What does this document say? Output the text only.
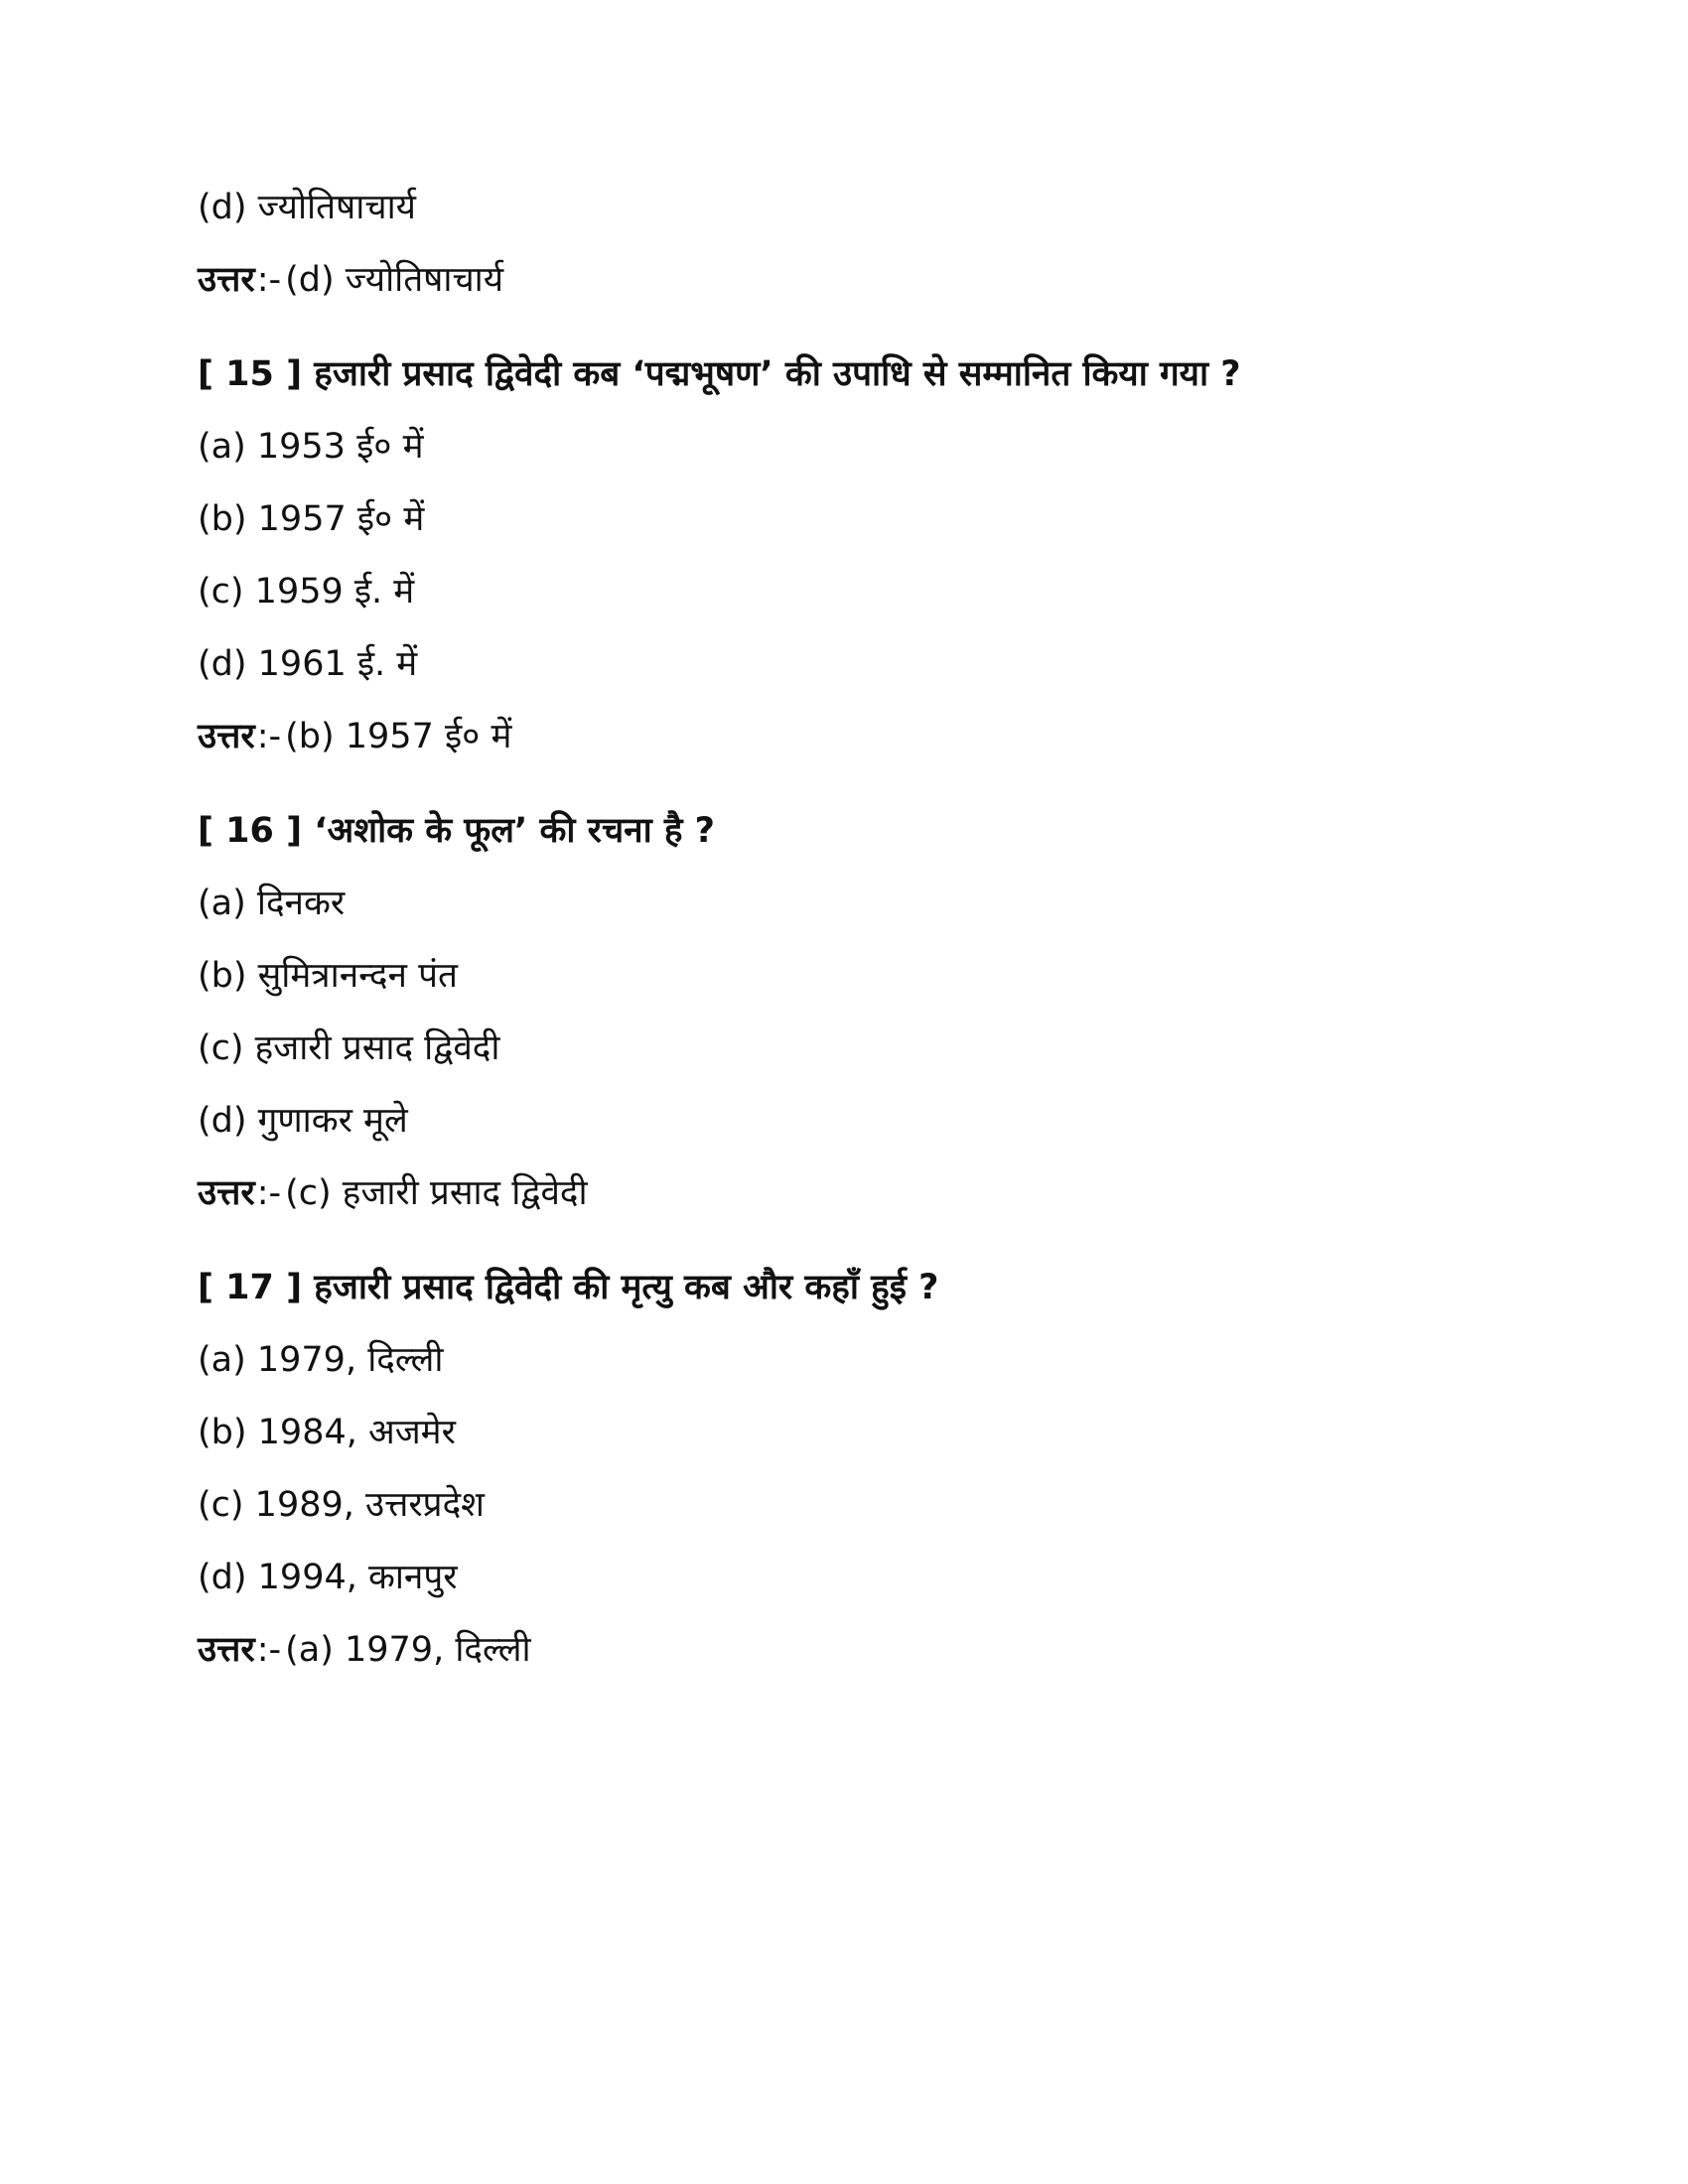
(d) ज्योतिषाचार्य
उत्तर:- (d) ज्योतिषाचार्य
[ 15 ] हजारी प्रसाद द्विवेदी कब ‘पद्मभूषण’ की उपाधि से सम्मानित किया गया ?
(a) 1953 ई० में
(b) 1957 ई० में
(c) 1959 ई. में
(d) 1961 ई. में
उत्तर:- (b) 1957 ई० में
[ 16 ] ‘अशोक के फूल’ की रचना है ?
(a) दिनकर
(b) सुमित्रानन्दन पंत
(c) हजारी प्रसाद द्विवेदी
(d) गुणाकर मूले
उत्तर:- (c) हजारी प्रसाद द्विवेदी
[ 17 ] हजारी प्रसाद द्विवेदी की मृत्यु कब और कहाँ हुई ?
(a) 1979, दिल्ली
(b) 1984, अजमेर
(c) 1989, उत्तरप्रदेश
(d) 1994, कानपुर
उत्तर:- (a) 1979, दिल्ली
